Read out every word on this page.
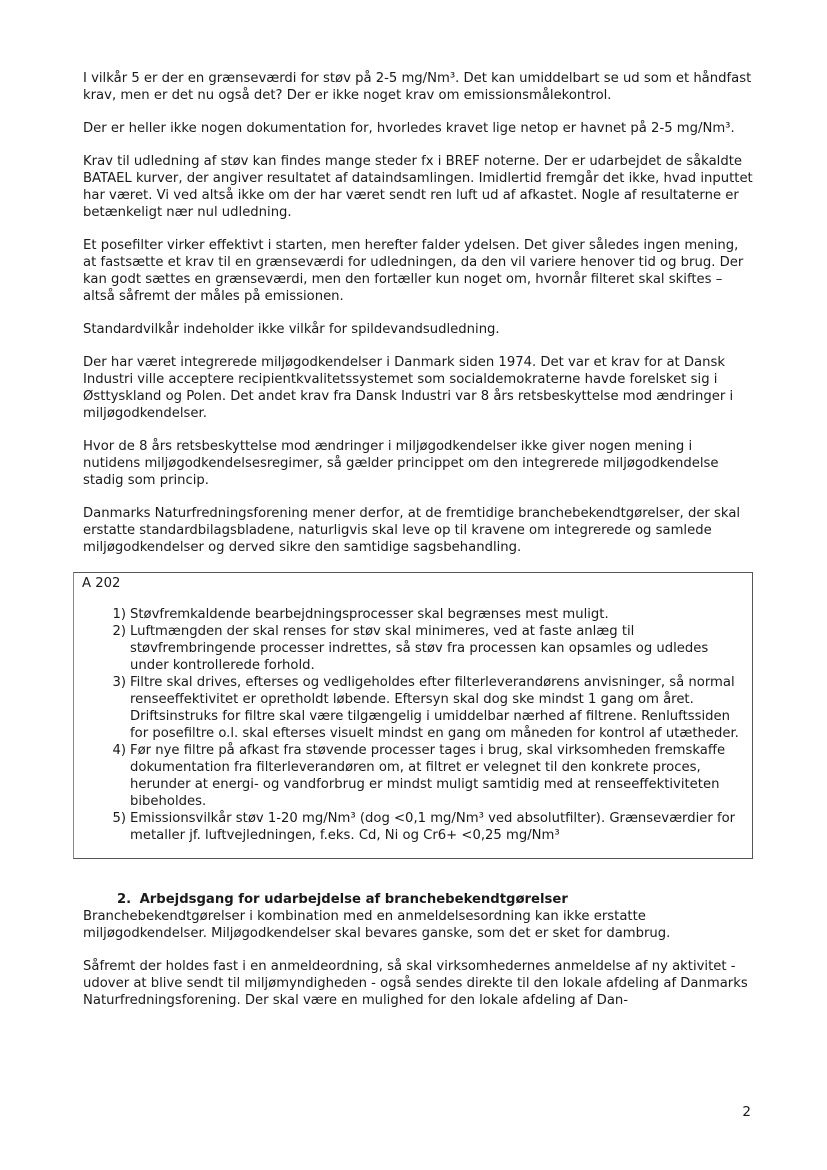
I vilkår 5 er der en grænseværdi for støv på 2-5 mg/Nm³. Det kan umiddelbart se ud som et håndfast krav, men er det nu også det? Der er ikke noget krav om emissionsmålekontrol.

Der er heller ikke nogen dokumentation for, hvorledes kravet lige netop er havnet på 2-5 mg/Nm³.

Krav til udledning af støv kan findes mange steder fx i BREF noterne. Der er udarbejdet de såkaldte BATAEL kurver, der angiver resultatet af dataindsamlingen. Imidlertid fremgår det ikke, hvad inputtet har været. Vi ved altså ikke om der har været sendt ren luft ud af afkastet. Nogle af resultaterne er betænkeligt nær nul udledning.

Et posefilter virker effektivt i starten, men herefter falder ydelsen. Det giver således ingen mening, at fastsætte et krav til en grænseværdi for udledningen, da den vil variere henover tid og brug. Der kan godt sættes en grænseværdi, men den fortæller kun noget om, hvornår filteret skal skiftes – altså såfremt der måles på emissionen.

Standardvilkår indeholder ikke vilkår for spildevandsudledning.

Der har været integrerede miljøgodkendelser i Danmark siden 1974. Det var et krav for at Dansk Industri ville acceptere recipientkvalitetssystemet som socialdemokraterne havde forelsket sig i Østtyskland og Polen. Det andet krav fra Dansk Industri var 8 års retsbeskyttelse mod ændringer i miljøgodkendelser.

Hvor de 8 års retsbeskyttelse mod ændringer i miljøgodkendelser ikke giver nogen mening i nutidens miljøgodkendelsesregimer, så gælder princippet om den integrerede miljøgodkendelse stadig som princip.

Danmarks Naturfredningsforening mener derfor, at de fremtidige branchebekendtgørelser, der skal erstatte standardbilagsbladene, naturligvis skal leve op til kravene om integrerede og samlede miljøgodkendelser og derved sikre den samtidige sagsbehandling.

A 202

1) Støvfremkaldende bearbejdningsprocesser skal begrænses mest muligt.
2) Luftmængden der skal renses for støv skal minimeres, ved at faste anlæg til støvfrembringende processer indrettes, så støv fra processen kan opsamles og udledes under kontrollerede forhold.
3) Filtre skal drives, efterses og vedligeholdes efter filterleverandørens anvisninger, så normal renseeffektivitet er opretholdt løbende. Eftersyn skal dog ske mindst 1 gang om året. Driftsinstruks for filtre skal være tilgængelig i umiddelbar nærhed af filtrene. Renluftssiden for posefiltre o.l. skal efterses visuelt mindst en gang om måneden for kontrol af utætheder.
4) Før nye filtre på afkast fra støvende processer tages i brug, skal virksomheden fremskaffe dokumentation fra filterleverandøren om, at filtret er velegnet til den konkrete proces, herunder at energi- og vandforbrug er mindst muligt samtidig med at renseeffektiviteten bibeholdes.
5) Emissionsvilkår støv 1-20 mg/Nm³ (dog <0,1 mg/Nm³ ved absolutfilter). Grænseværdier for metaller jf. luftvejledningen, f.eks. Cd, Ni og Cr6+ <0,25 mg/Nm³

2. Arbejdsgang for udarbejdelse af branchebekendtgørelser

Branchebekendtgørelser i kombination med en anmeldelsesordning kan ikke erstatte miljøgodkendelser. Miljøgodkendelser skal bevares ganske, som det er sket for dambrug.

Såfremt der holdes fast i en anmeldeordning, så skal virksomhedernes anmeldelse af ny aktivitet - udover at blive sendt til miljømyndigheden - også sendes direkte til den lokale afdeling af Danmarks Naturfredningsforening. Der skal være en mulighed for den lokale afdeling af Dan-

2
